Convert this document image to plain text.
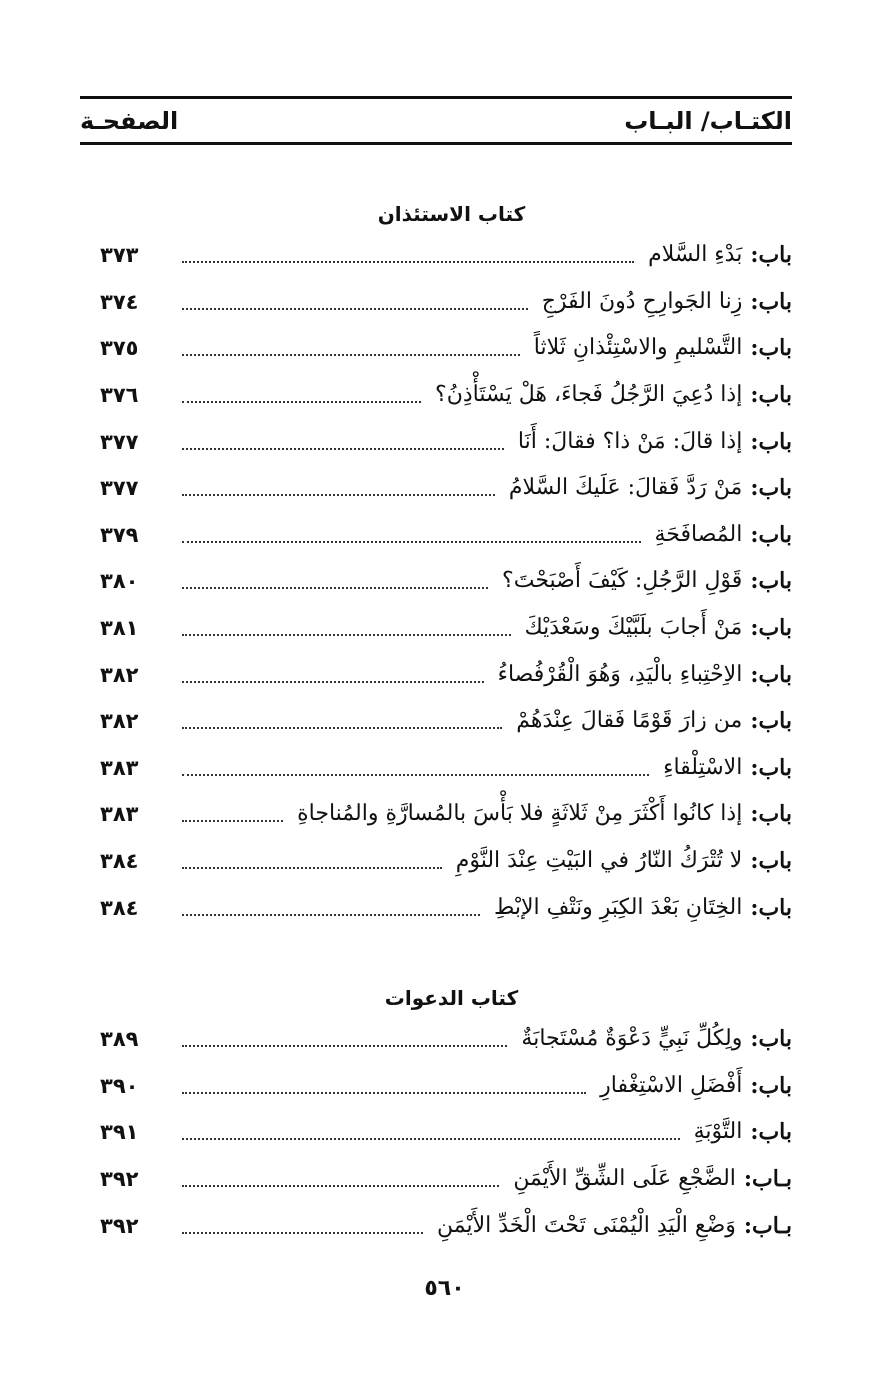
الكتـاب/ البـاب
الصفحـة
كتاب الاستئذان
باب
:
بَدْءِ السَّلام
٣٧٣
باب
:
زِنا الجَوارِحِ دُونَ الفَرْجِ
٣٧٤
باب
:
التَّسْليمِ والاسْتِئْذانِ ثَلاثاً
٣٧٥
باب
:
إذا دُعِيَ الرَّجُلُ فَجاءَ، هَلْ يَسْتَأْذِنُ؟
٣٧٦
باب
:
إذا قالَ: مَنْ ذا؟ فقالَ: أَنَا
٣٧٧
باب
:
مَنْ رَدَّ فَقالَ: عَلَيكَ السَّلامُ
٣٧٧
باب
:
المُصافَحَةِ
٣٧٩
باب
:
قَوْلِ الرَّجُلِ: كَيْفَ أَصْبَحْتَ؟
٣٨٠
باب
:
مَنْ أَجابَ بلَبَّيْكَ وسَعْدَيْكَ
٣٨١
باب
:
الاِحْتِباءِ بالْيَدِ، وَهُوَ الْقُرْفُصاءُ
٣٨٢
باب
:
من زارَ قَوْمًا فَقالَ عِنْدَهُمْ
٣٨٢
باب
:
الاسْتِلْقاءِ
٣٨٣
باب
:
إذا كانُوا أَكْثَرَ مِنْ ثَلاثَةٍ فلا بَأْسَ بالمُسارَّةِ والمُناجاةِ
٣٨٣
باب
:
لا تُتْرَكُ النّارُ في البَيْتِ عِنْدَ النَّوْمِ
٣٨٤
باب
:
الخِتَانِ بَعْدَ الكِبَرِ ونَتْفِ الإبْطِ
٣٨٤
كتاب الدعوات
باب
:
ولِكُلِّ نَبِيٍّ دَعْوَةٌ مُسْتَجابَةٌ
٣٨٩
باب
:
أَفْضَلِ الاسْتِغْفارِ
٣٩٠
باب
:
التَّوْبَةِ
٣٩١
بـاب
:
الضَّجْعِ عَلَى الشِّقِّ الأَيْمَنِ
٣٩٢
بـاب
:
وَضْعِ الْيَدِ الْيُمْنَى تَحْتَ الْخَدِّ الأَيْمَنِ
٣٩٢
٥٦٠
